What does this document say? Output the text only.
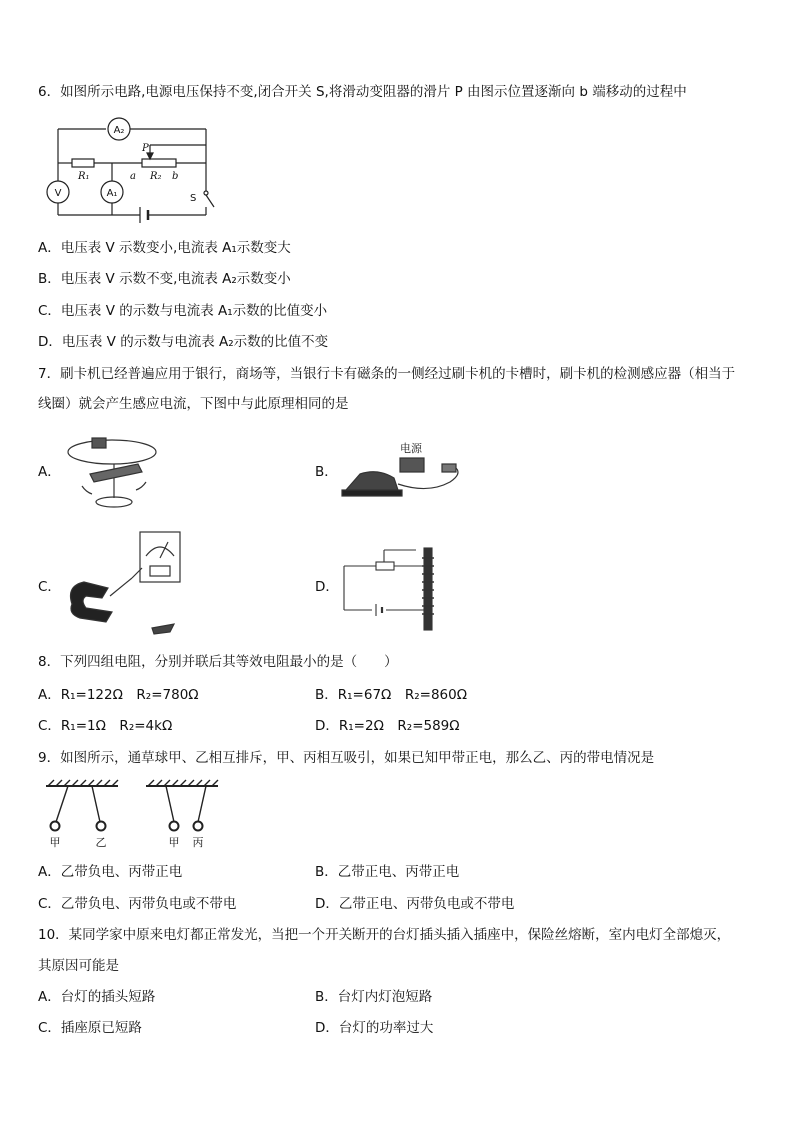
6．如图所示电路,电源电压保持不变,闭合开关 S,将滑动变阻器的滑片 P 由图示位置逐渐向 b 端移动的过程中
A₂
V	A₁
R₁	a R₂ b
P
S
A．电压表 V 示数变小,电流表 A₁示数变大
B．电压表 V 示数不变,电流表 A₂示数变小
C．电压表 V 的示数与电流表 A₁示数的比值变小
D．电压表 V 的示数与电流表 A₂示数的比值不变
7．刷卡机已经普遍应用于银行，商场等，当银行卡有磁条的一侧经过刷卡机的卡槽时，刷卡机的检测感应器（相当于
线圈）就会产生感应电流，下图中与此原理相同的是
A．	B．
电源
C．	D．
8．下列四组电阻，分别并联后其等效电阻最小的是（　　）
A．R₁=122Ω　R₂=780Ω	B．R₁=67Ω　R₂=860Ω
C．R₁=1Ω　R₂=4kΩ	D．R₁=2Ω　R₂=589Ω
9．如图所示，通草球甲、乙相互排斥，甲、丙相互吸引，如果已知甲带正电，那么乙、丙的带电情况是
甲	乙	甲 丙
A．乙带负电、丙带正电	B．乙带正电、丙带正电
C．乙带负电、丙带负电或不带电	D．乙带正电、丙带负电或不带电
10．某同学家中原来电灯都正常发光，当把一个开关断开的台灯插头插入插座中，保险丝熔断，室内电灯全部熄灭，
其原因可能是
A．台灯的插头短路	B．台灯内灯泡短路
C．插座原已短路	D．台灯的功率过大
